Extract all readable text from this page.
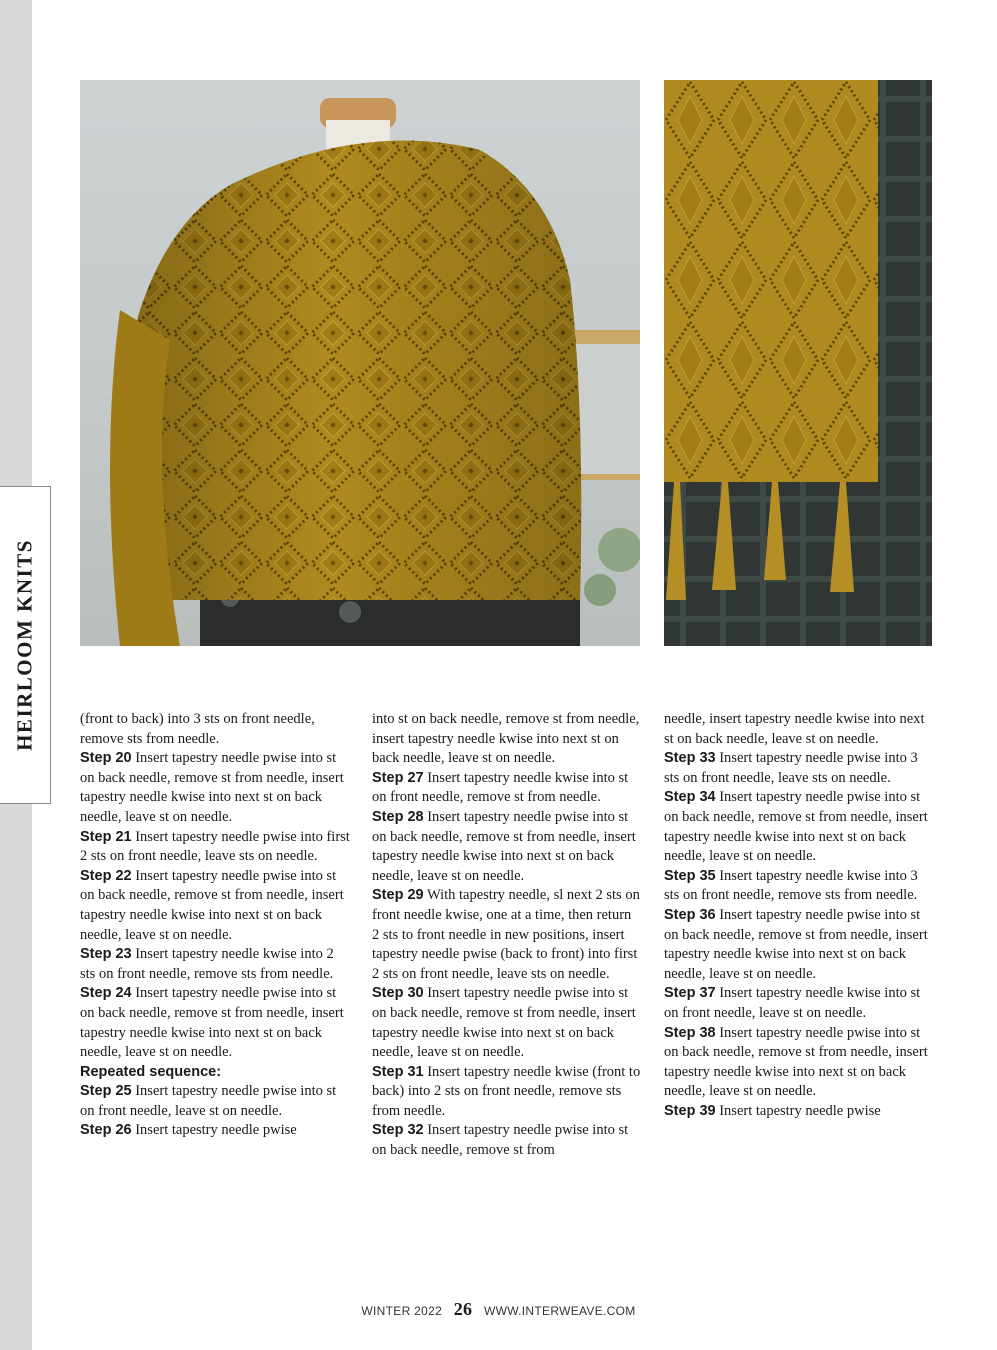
HEIRLOOM KNITS	(front to back) into 3 sts on front needle, remove sts from needle.

Step 20 Insert tapestry needle pwise into st on back needle, remove st from needle, insert tapestry needle kwise into next st on back needle, leave st on needle.

Step 21 Insert tapestry needle pwise into first 2 sts on front needle, leave sts on needle.

Step 22 Insert tapestry needle pwise into st on back needle, remove st from needle, insert tapestry needle kwise into next st on back needle, leave st on needle.

Step 23 Insert tapestry needle kwise into 2 sts on front needle, remove sts from needle.

Step 24 Insert tapestry needle pwise into st on back needle, remove st from needle, insert tapestry needle kwise into next st on back needle, leave st on needle.

Repeated sequence:

Step 25 Insert tapestry needle pwise into st on front needle, leave st on needle.

Step 26 Insert tapestry needle pwise

into st on back needle, remove st from needle, insert tapestry needle kwise into next st on back needle, leave st on needle.

Step 27 Insert tapestry needle kwise into st on front needle, remove st from needle.

Step 28 Insert tapestry needle pwise into st on back needle, remove st from needle, insert tapestry needle kwise into next st on back needle, leave st on needle.

Step 29 With tapestry needle, sl next 2 sts on front needle kwise, one at a time, then return 2 sts to front needle in new positions, insert tapestry needle pwise (back to front) into first 2 sts on front needle, leave sts on needle.

Step 30 Insert tapestry needle pwise into st on back needle, remove st from needle, insert tapestry needle kwise into next st on back needle, leave st on needle.

Step 31 Insert tapestry needle kwise (front to back) into 2 sts on front needle, remove sts from needle.

Step 32 Insert tapestry needle pwise into st on back needle, remove st from

needle, insert tapestry needle kwise into next st on back needle, leave st on needle.

Step 33 Insert tapestry needle pwise into 3 sts on front needle, leave sts on needle.

Step 34 Insert tapestry needle pwise into st on back needle, remove st from needle, insert tapestry needle kwise into next st on back needle, leave st on needle.

Step 35 Insert tapestry needle kwise into 3 sts on front needle, remove sts from needle.

Step 36 Insert tapestry needle pwise into st on back needle, remove st from needle, insert tapestry needle kwise into next st on back needle, leave st on needle.

Step 37 Insert tapestry needle kwise into st on front needle, leave st on needle.

Step 38 Insert tapestry needle pwise into st on back needle, remove st from needle, insert tapestry needle kwise into next st on back needle, leave st on needle.

Step 39 Insert tapestry needle pwise

WINTER 2022 26 WWW.INTERWEAVE.COM
